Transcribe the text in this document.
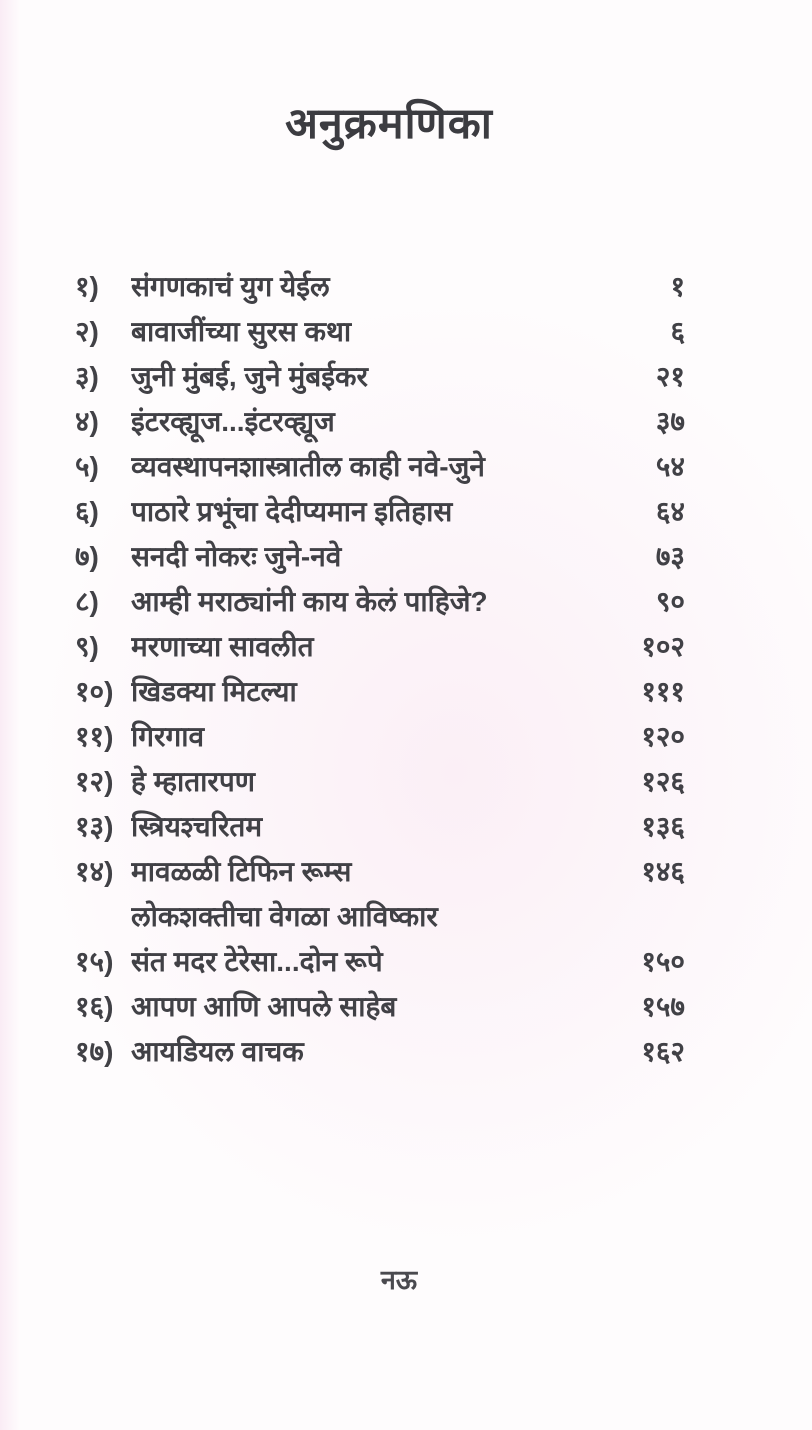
अनुक्रमणिका
१)	संगणकाचं युग येईल	१
२)	बावाजींच्या सुरस कथा	६
३)	जुनी मुंबई, जुने मुंबईकर	२१
४)	इंटरव्ह्यूज...इंटरव्ह्यूज	३७
५)	व्यवस्थापनशास्त्रातील काही नवे-जुने	५४
६)	पाठारे प्रभूंचा देदीप्यमान इतिहास	६४
७)	सनदी नोकरः जुने-नवे	७३
८)	आम्ही मराठ्यांनी काय केलं पाहिजे?	९०
९)	मरणाच्या सावलीत	१०२
१०) खिडक्या मिटल्या	१११
११) गिरगाव	१२०
१२) हे म्हातारपण	१२६
१३) स्त्रियश्चरितम	१३६
१४) मावळळी टिफिन रूम्स	१४६
लोकशक्तीचा वेगळा आविष्कार
१५) संत मदर टेरेसा...दोन रूपे	१५०
१६) आपण आणि आपले साहेब	१५७
१७) आयडियल वाचक	१६२
नऊ
